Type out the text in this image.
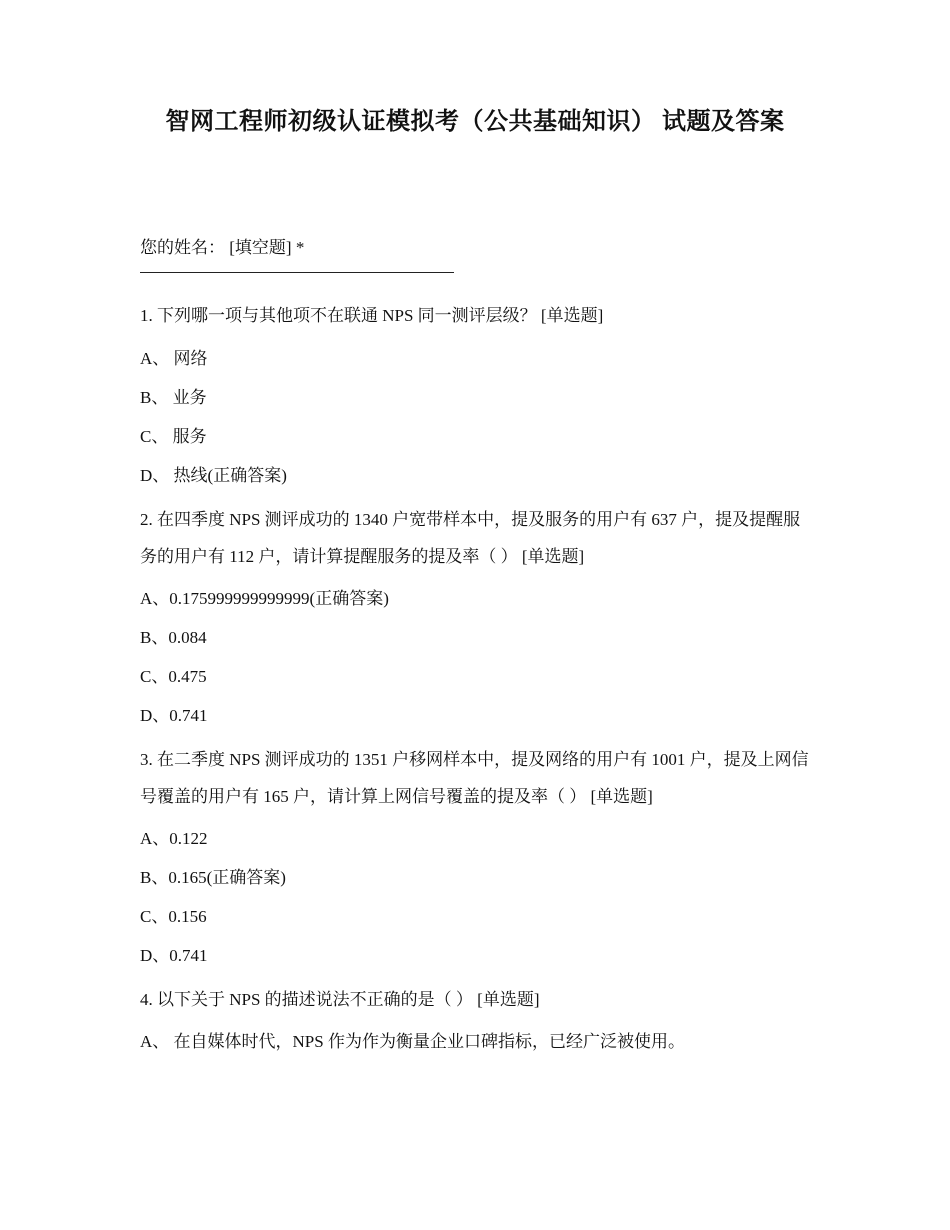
智网工程师初级认证模拟考（公共基础知识） 试题及答案
您的姓名： [填空题] *
1. 下列哪一项与其他项不在联通 NPS 同一测评层级？ [单选题]
A、 网络
B、 业务
C、 服务
D、 热线(正确答案)
2. 在四季度 NPS 测评成功的 1340 户宽带样本中，提及服务的用户有 637 户，提及提醒服务的用户有 112 户，请计算提醒服务的提及率（ ） [单选题]
A、0.175999999999999(正确答案)
B、0.084
C、0.475
D、0.741
3. 在二季度 NPS 测评成功的 1351 户移网样本中，提及网络的用户有 1001 户，提及上网信号覆盖的用户有 165 户，请计算上网信号覆盖的提及率（ ） [单选题]
A、0.122
B、0.165(正确答案)
C、0.156
D、0.741
4. 以下关于 NPS 的描述说法不正确的是（ ） [单选题]
A、 在自媒体时代，NPS 作为作为衡量企业口碑指标，已经广泛被使用。
